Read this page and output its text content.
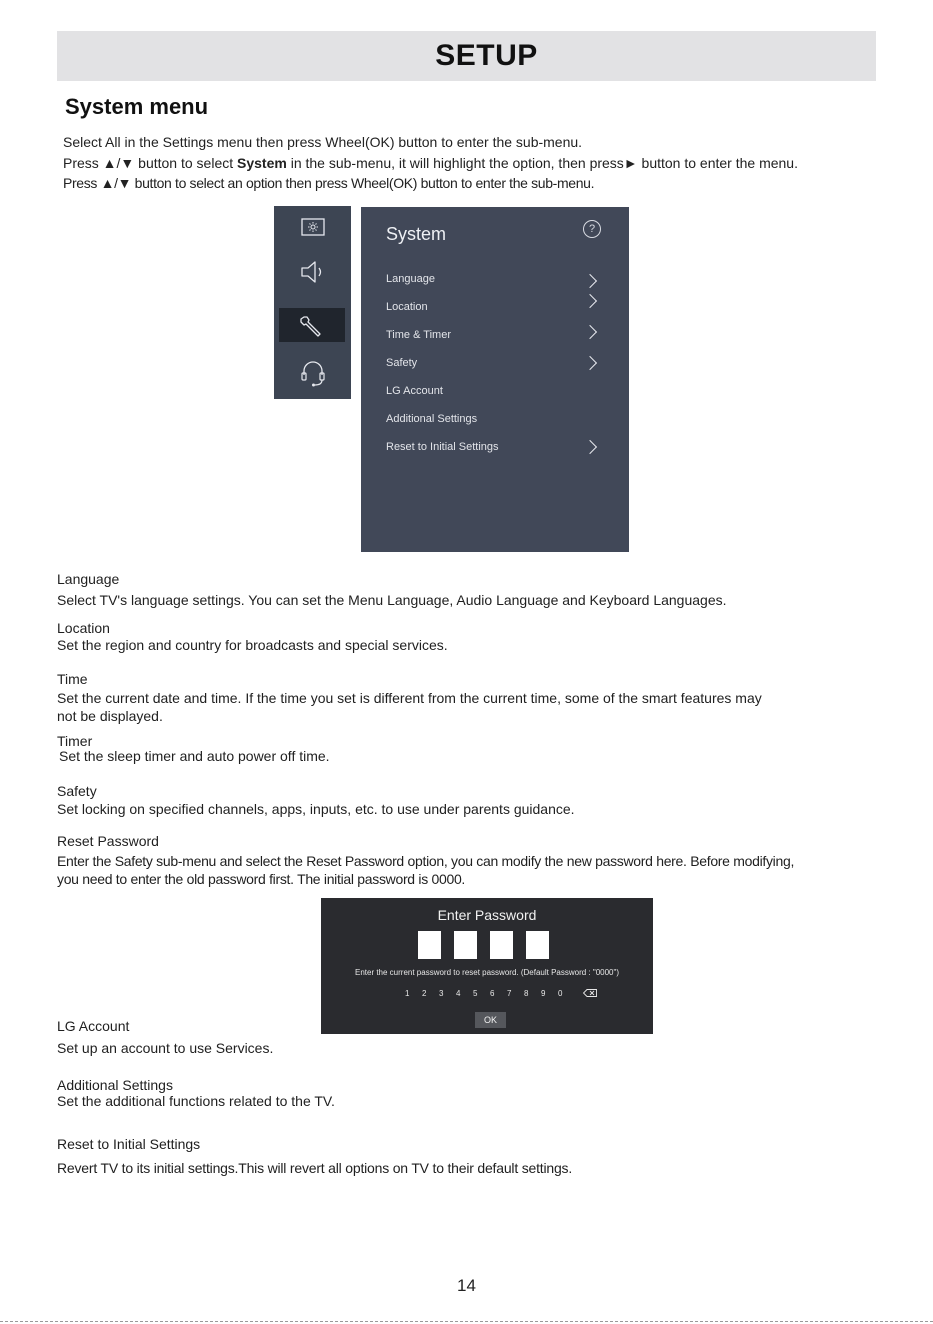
SETUP
System menu
Select All in the Settings menu then press Wheel(OK) button to enter the sub-menu.
Press ▲/▼ button to select System in the sub-menu, it will highlight the option, then press► button to enter the menu.
Press ▲/▼ button to select an option then press Wheel(OK) button to enter the sub-menu.
System	?
Language
Location
Time & Timer
Safety
LG Account
Additional Settings
Reset to Initial Settings
Language
Select TV's language settings. You can set the Menu Language, Audio Language and Keyboard Languages.
Location
Set the region and country for broadcasts and special services.
Time
Set the current date and time. If the time you set is different from the current time, some of the smart features may
not be displayed.
Timer
Set the sleep timer and auto power off time.
Safety
Set locking on specified channels, apps, inputs, etc. to use under parents guidance.
Reset Password
Enter the Safety sub-menu and select the Reset Password option, you can modify the new password here. Before modifying,
you need to enter the old password first. The initial password is 0000.
Enter Password
Enter the current password to reset password. (Default Password : "0000")
1 2 3 4 5 6 7 8 9 0
OK
LG Account
Set up an account to use Services.
Additional Settings
Set the additional functions related to the TV.
Reset to Initial Settings
Revert TV to its initial settings.This will revert all options on TV to their default settings.
14
